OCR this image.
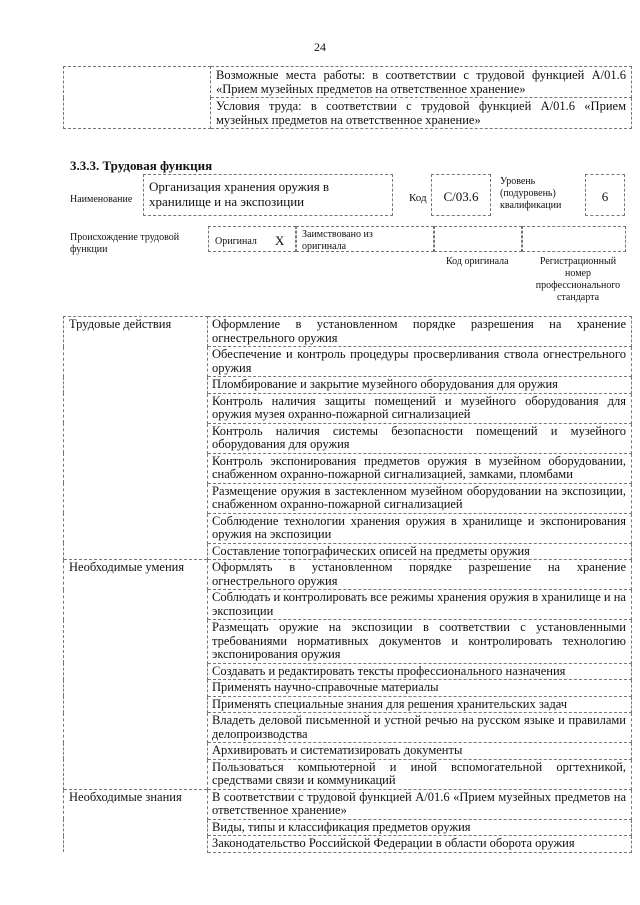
24
	Возможные места работы: в соответствии с трудовой функцией А/01.6 «Прием музейных предметов на ответственное хранение»
Условия труда: в соответствии с трудовой функцией А/01.6 «Прием музейных предметов на ответственное хранение»
3.3.3. Трудовая функция
Наименование
Организация хранения оружия в хранилище и на экспозиции	Код	С/03.6
Уровень (подуровень) квалификации
6
Происхождение трудовой функции
Оригинал X Заимствовано из оригинала
Код оригинала	Регистрационный номер профессионального стандарта
Трудовые действия	Оформление в установленном порядке разрешения на хранение огнестрельного оружия
	Обеспечение и контроль процедуры просверливания ствола огнестрельного оружия
	Пломбирование и закрытие музейного оборудования для оружия
	Контроль наличия защиты помещений и музейного оборудования для оружия музея охранно-пожарной сигнализацией
	Контроль наличия системы безопасности помещений и музейного оборудования для оружия
	Контроль экспонирования предметов оружия в музейном оборудовании, снабженном охранно-пожарной сигнализацией, замками, пломбами
	Размещение оружия в застекленном музейном оборудовании на экспозиции, снабженном охранно-пожарной сигнализацией
	Соблюдение технологии хранения оружия в хранилище и экспонирования оружия на экспозиции
	Составление топографических описей на предметы оружия
Необходимые умения	Оформлять в установленном порядке разрешение на хранение огнестрельного оружия
	Соблюдать и контролировать все режимы хранения оружия в хранилище и на экспозиции
	Размещать оружие на экспозиции в соответствии с установленными требованиями нормативных документов и контролировать технологию экспонирования оружия
	Создавать и редактировать тексты профессионального назначения
	Применять научно-справочные материалы
	Применять специальные знания для решения хранительских задач
	Владеть деловой письменной и устной речью на русском языке и правилами делопроизводства
	Архивировать и систематизировать документы
	Пользоваться компьютерной и иной вспомогательной оргтехникой, средствами связи и коммуникаций
Необходимые знания	В соответствии с трудовой функцией А/01.6 «Прием музейных предметов на ответственное хранение»
	Виды, типы и классификация предметов оружия
	Законодательство Российской Федерации в области оборота оружия
